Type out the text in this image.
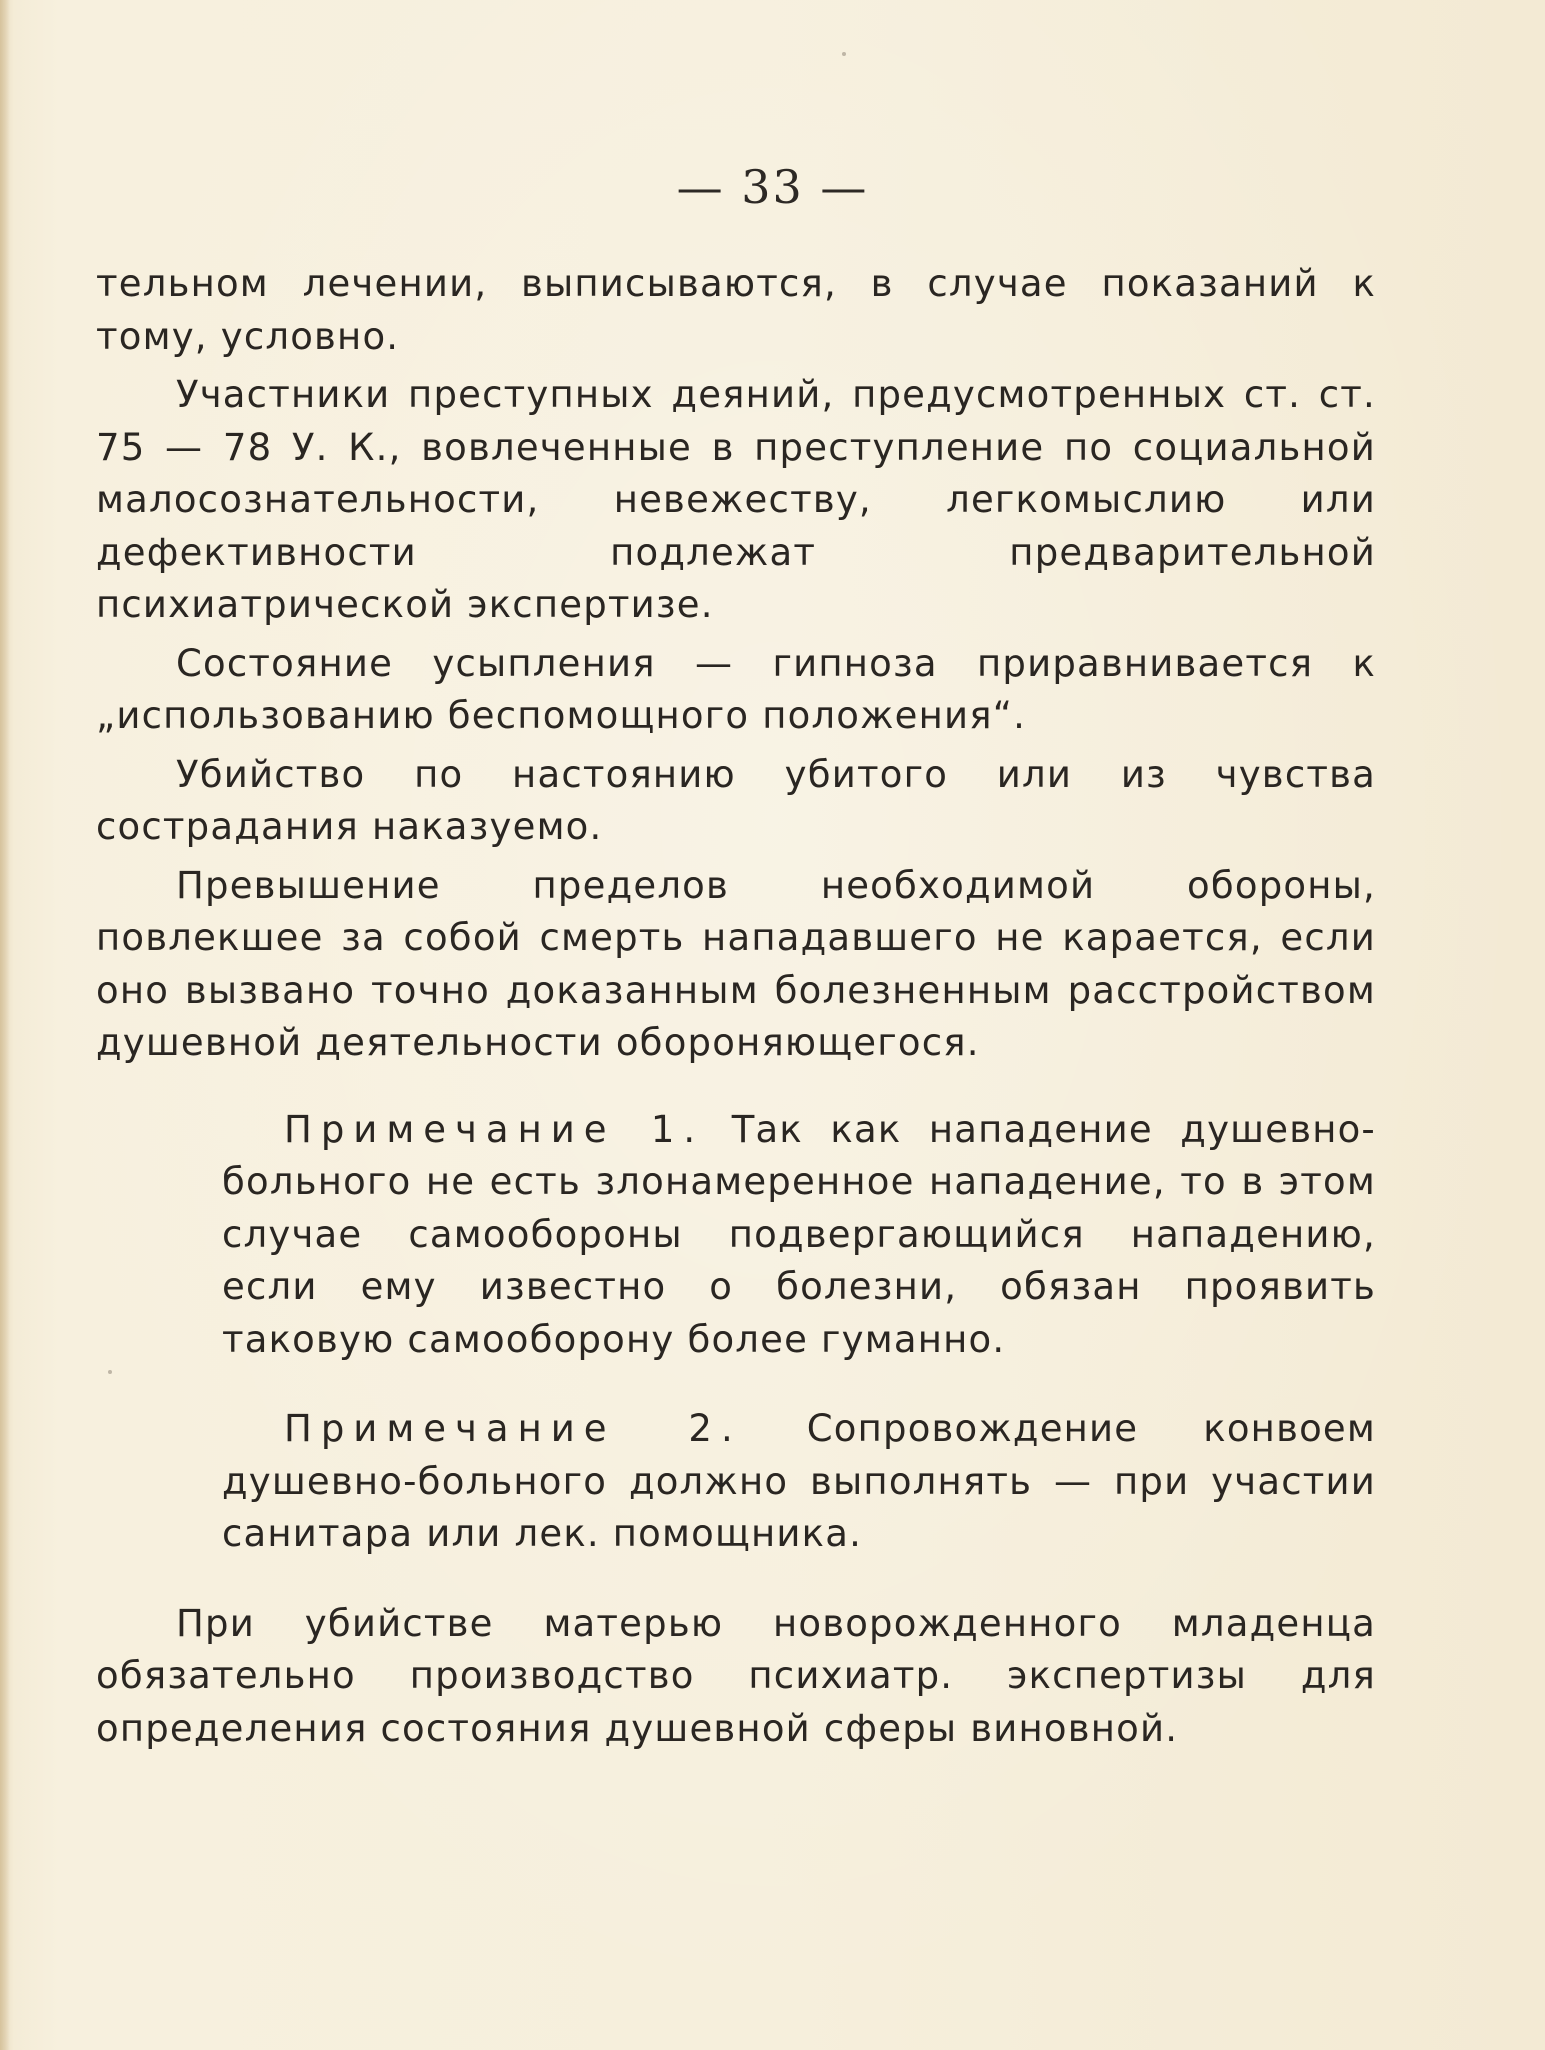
— 33 —

тельном лечении, выписываются, в случае показаний к тому, условно.

Участники преступных деяний, предусмотренных ст. ст. 75 — 78 У. К., вовлеченные в преступление по социальной малосознательности, невежеству, легкомыслию или дефективности подлежат предварительной психиатрической экспертизе.

Состояние усыпления — гипноза приравнивается к „использованию беспомощного положения“.

Убийство по настоянию убитого или из чувства сострадания наказуемо.

Превышение пределов необходимой обороны, повлекшее за собой смерть нападавшего не карается, если оно вызвано точно доказанным болезненным расстройством душевной деятельности обороняющегося.

Примечание 1. Так как нападение душевно-больного не есть злонамеренное нападение, то в этом случае самообороны подвергающийся нападению, если ему известно о болезни, обязан проявить таковую самооборону более гуманно.

Примечание 2. Сопровождение конвоем душевно-больного должно выполнять — при участии санитара или лек. помощника.

При убийстве матерью новорожденного младенца обязательно производство психиатр. экспертизы для определения состояния душевной сферы виновной.
